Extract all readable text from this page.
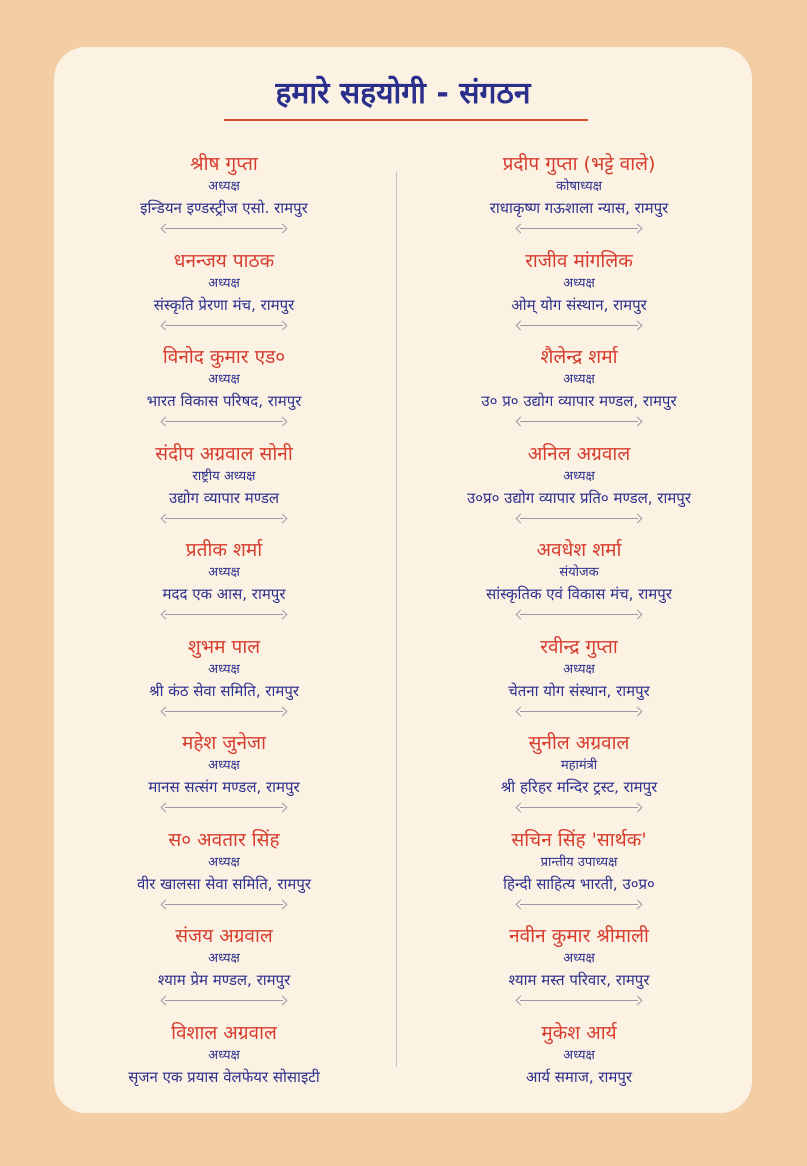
हमारे सहयोगी - संगठन
श्रीष गुप्ता
अध्यक्ष
इन्डियन इण्डस्ट्रीज एसो. रामपुर
धनन्जय पाठक
अध्यक्ष
संस्कृति प्रेरणा मंच, रामपुर
विनोद कुमार एड०
अध्यक्ष
भारत विकास परिषद, रामपुर
संदीप अग्रवाल सोनी
राष्ट्रीय अध्यक्ष
उद्योग व्यापार मण्डल
प्रतीक शर्मा
अध्यक्ष
मदद एक आस, रामपुर
शुभम पाल
अध्यक्ष
श्री कंठ सेवा समिति, रामपुर
महेश जुनेजा
अध्यक्ष
मानस सत्संग मण्डल, रामपुर
स० अवतार सिंह
अध्यक्ष
वीर खालसा सेवा समिति, रामपुर
संजय अग्रवाल
अध्यक्ष
श्याम प्रेम मण्डल, रामपुर
विशाल अग्रवाल
अध्यक्ष
सृजन एक प्रयास वेलफेयर सोसाइटी
प्रदीप गुप्ता (भट्टे वाले)
कोषाध्यक्ष
राधाकृष्ण गऊशाला न्यास, रामपुर
राजीव मांगलिक
अध्यक्ष
ओम् योग संस्थान, रामपुर
शैलेन्द्र शर्मा
अध्यक्ष
उ० प्र० उद्योग व्यापार मण्डल, रामपुर
अनिल अग्रवाल
अध्यक्ष
उ०प्र० उद्योग व्यापार प्रति० मण्डल, रामपुर
अवधेश शर्मा
संयोजक
सांस्कृतिक एवं विकास मंच, रामपुर
रवीन्द्र गुप्ता
अध्यक्ष
चेतना योग संस्थान, रामपुर
सुनील अग्रवाल
महामंत्री
श्री हरिहर मन्दिर ट्रस्ट, रामपुर
सचिन सिंह 'सार्थक'
प्रान्तीय उपाध्यक्ष
हिन्दी साहित्य भारती, उ०प्र०
नवीन कुमार श्रीमाली
अध्यक्ष
श्याम मस्त परिवार, रामपुर
मुकेश आर्य
अध्यक्ष
आर्य समाज, रामपुर
